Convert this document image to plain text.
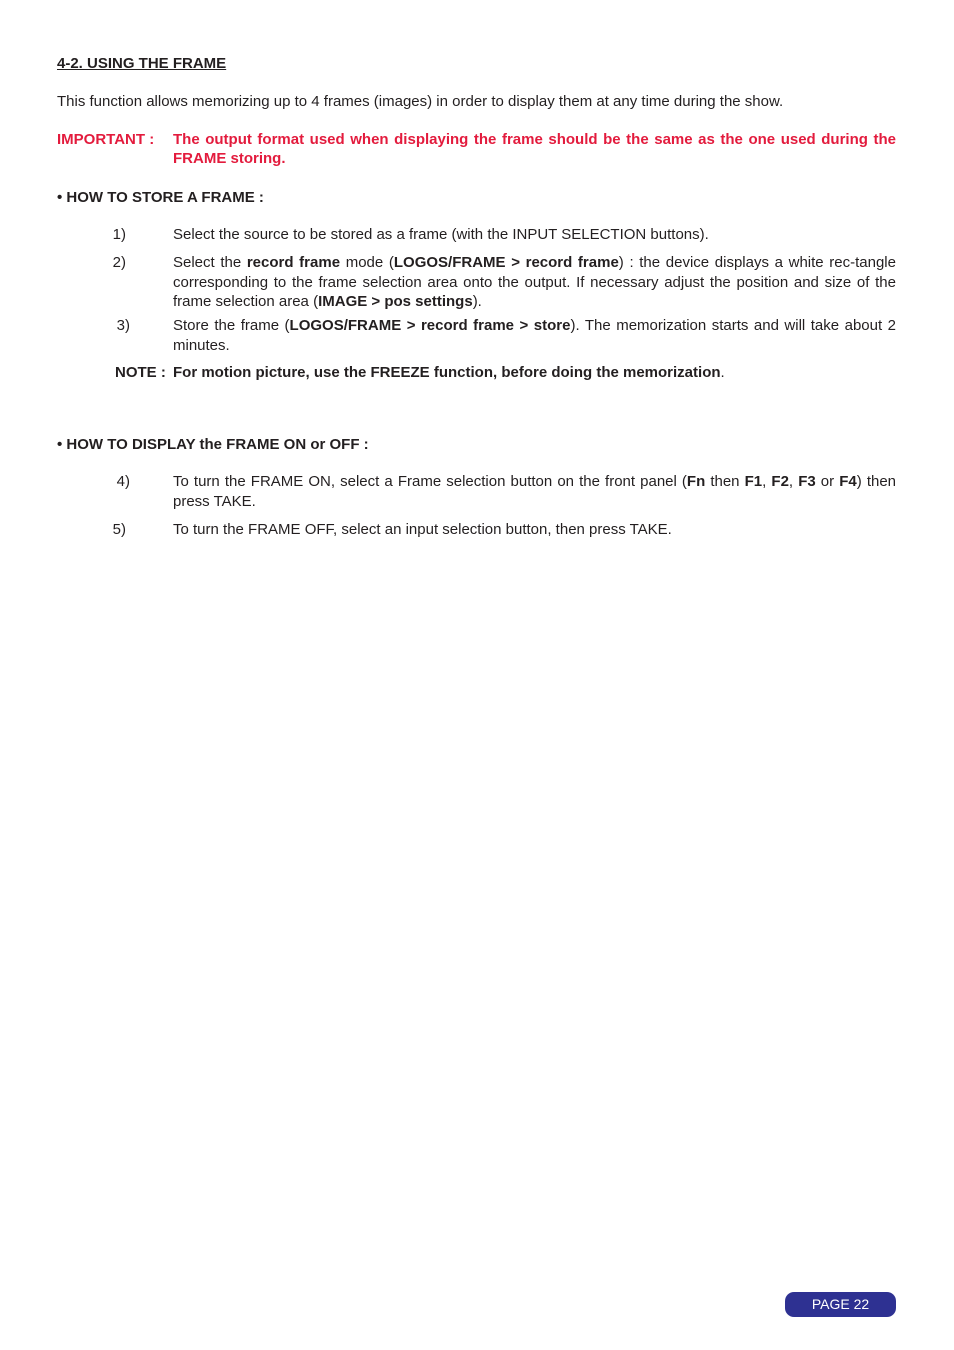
4-2. USING THE FRAME
This function allows memorizing up to 4 frames (images) in order to display them at any time during the show.
IMPORTANT : The output format used when displaying the frame should be the same as the one used during the FRAME storing.
• HOW TO STORE A FRAME :
1)	Select the source to be stored as a frame (with the INPUT SELECTION buttons).
2)	Select the record frame mode (LOGOS/FRAME > record frame) : the device displays a white rec-tangle corresponding to the frame selection area onto the output. If necessary adjust the position and size of the frame selection area (IMAGE > pos settings).
3)	Store the frame (LOGOS/FRAME > record frame > store). The memorization starts and will take about 2 minutes.
NOTE : For motion picture, use the FREEZE function, before doing the memorization.
• HOW TO DISPLAY the FRAME ON or OFF :
4)	To turn the FRAME ON, select a Frame selection button on the front panel (Fn then F1, F2, F3 or F4) then press TAKE.
5)	To turn the FRAME OFF, select an input selection button, then press TAKE.
PAGE 22
